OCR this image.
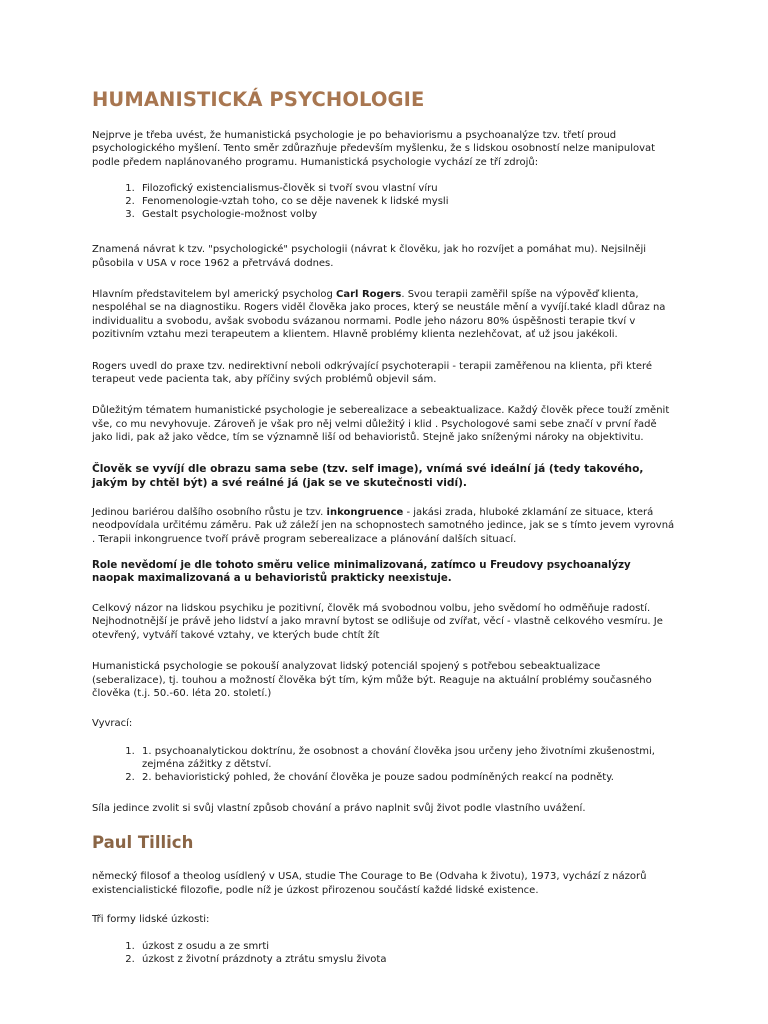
HUMANISTICKÁ PSYCHOLOGIE

Nejprve je třeba uvést, že humanistická psychologie je po behaviorismu a psychoanalýze tzv. třetí proud psychologického myšlení. Tento směr zdůrazňuje především myšlenku, že s lidskou osobností nelze manipulovat podle předem naplánovaného programu. Humanistická psychologie vychází ze tří zdrojů:

1. Filozofický existencialismus-člověk si tvoří svou vlastní víru
2. Fenomenologie-vztah toho, co se děje navenek k lidské mysli
3. Gestalt psychologie-možnost volby

Znamená návrat k tzv. "psychologické" psychologii (návrat k člověku, jak ho rozvíjet a pomáhat mu). Nejsilněji působila v USA v roce 1962 a přetrvává dodnes.

Hlavním představitelem byl americký psycholog Carl Rogers. Svou terapii zaměřil spíše na výpověď klienta, nespoléhal se na diagnostiku. Rogers viděl člověka jako proces, který se neustále mění a vyvíjí.také kladl důraz na individualitu a svobodu, avšak svobodu svázanou normami. Podle jeho názoru 80% úspěšnosti terapie tkví v pozitivním vztahu mezi terapeutem a klientem. Hlavně problémy klienta nezlehčovat, ať už jsou jakékoli.

Rogers uvedl do praxe tzv. nedirektivní neboli odkrývající psychoterapii - terapii zaměřenou na klienta, při které terapeut vede pacienta tak, aby příčiny svých problémů objevil sám.

Důležitým tématem humanistické psychologie je seberealizace a sebeaktualizace. Každý člověk přece touží změnit vše, co mu nevyhovuje. Zároveň je však pro něj velmi důležitý i klid . Psychologové sami sebe značí v první řadě jako lidi, pak až jako vědce, tím se významně liší od behavioristů. Stejně jako sníženými nároky na objektivitu.

Člověk se vyvíjí dle obrazu sama sebe (tzv. self image), vnímá své ideální já (tedy takového, jakým by chtěl být) a své reálné já (jak se ve skutečnosti vidí).

Jedinou bariérou dalšího osobního růstu je tzv. inkongruence - jakási zrada, hluboké zklamání ze situace, která neodpovídala určitému záměru. Pak už záleží jen na schopnostech samotného jedince, jak se s tímto jevem vyrovná . Terapii inkongruence tvoří právě program seberealizace a plánování dalších situací.

Role nevědomí je dle tohoto směru velice minimalizovaná, zatímco u Freudovy psychoanalýzy naopak maximalizovaná a u behavioristů prakticky neexistuje.

Celkový názor na lidskou psychiku je pozitivní, člověk má svobodnou volbu, jeho svědomí ho odměňuje radostí. Nejhodnotnější je právě jeho lidství a jako mravní bytost se odlišuje od zvířat, věcí - vlastně celkového vesmíru. Je otevřený, vytváří takové vztahy, ve kterých bude chtít žít

Humanistická psychologie se pokouší analyzovat lidský potenciál spojený s potřebou sebeaktualizace (seberalizace), tj. touhou a možností člověka být tím, kým může být. Reaguje na aktuální problémy současného člověka (t.j. 50.-60. léta 20. století.)

Vyvrací:

1. 1. psychoanalytickou doktrínu, že osobnost a chování člověka jsou určeny jeho životními zkušenostmi, zejména zážitky z dětství.
2. 2. behavioristický pohled, že chování člověka je pouze sadou podmíněných reakcí na podněty.

Síla jedince zvolit si svůj vlastní způsob chování a právo naplnit svůj život podle vlastního uvážení.

Paul Tillich

německý filosof a theolog usídlený v USA, studie The Courage to Be (Odvaha k životu), 1973, vychází z názorů existencialistické filozofie, podle níž je úzkost přirozenou součástí každé lidské existence.

Tři formy lidské úzkosti:

1. úzkost z osudu a ze smrti
2. úzkost z životní prázdnoty a ztrátu smyslu života
